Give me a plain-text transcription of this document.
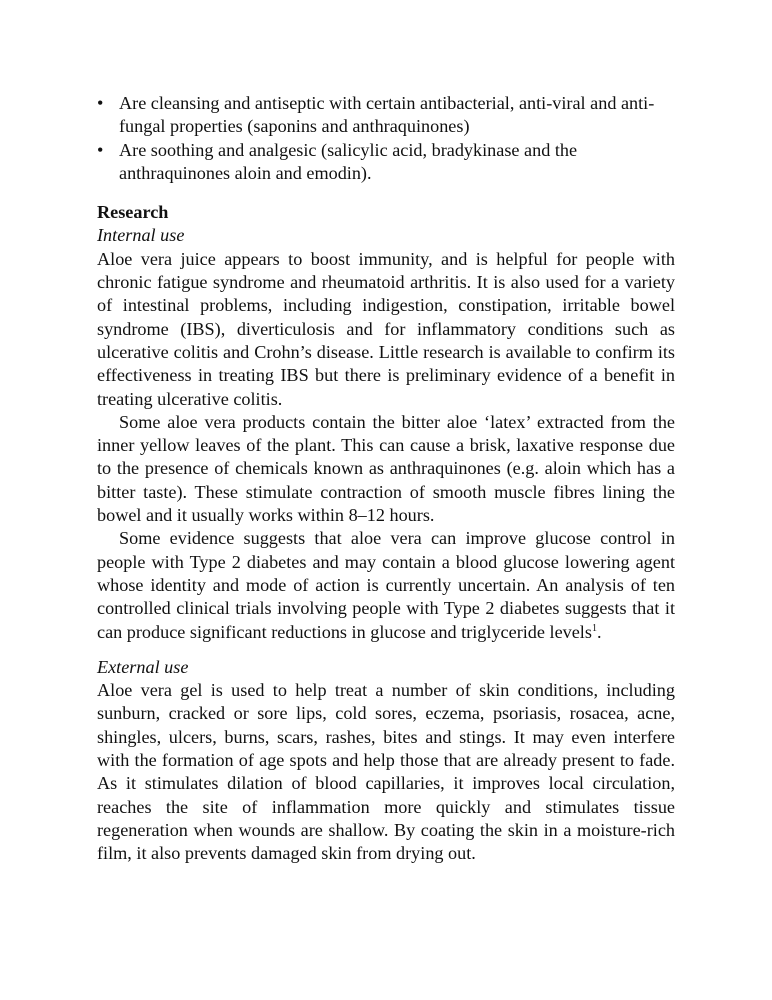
• Are cleansing and antiseptic with certain antibacterial, anti-viral and anti-fungal properties (saponins and anthraquinones)
• Are soothing and analgesic (salicylic acid, bradykinase and the anthraquinones aloin and emodin).
Research
Internal use

Aloe vera juice appears to boost immunity, and is helpful for people with chronic fatigue syndrome and rheumatoid arthritis. It is also used for a variety of intestinal problems, including indigestion, constipation, irritable bowel syndrome (IBS), diverticulosis and for inflammatory conditions such as ulcerative colitis and Crohn’s disease. Little research is available to confirm its effectiveness in treating IBS but there is preliminary evidence of a benefit in treating ulcerative colitis.

Some aloe vera products contain the bitter aloe ‘latex’ extracted from the inner yellow leaves of the plant. This can cause a brisk, laxative response due to the presence of chemicals known as anthraquinones (e.g. aloin which has a bitter taste). These stimulate contraction of smooth muscle fibres lining the bowel and it usually works within 8–12 hours.

Some evidence suggests that aloe vera can improve glucose control in people with Type 2 diabetes and may contain a blood glucose lowering agent whose identity and mode of action is currently uncertain. An analysis of ten controlled clinical trials involving people with Type 2 diabetes suggests that it can produce significant reductions in glucose and triglyceride levels$^1$.

External use

Aloe vera gel is used to help treat a number of skin conditions, including sunburn, cracked or sore lips, cold sores, eczema, psoriasis, rosacea, acne, shingles, ulcers, burns, scars, rashes, bites and stings. It may even interfere with the formation of age spots and help those that are already present to fade. As it stimulates dilation of blood capillaries, it improves local circulation, reaches the site of inflammation more quickly and stimulates tissue regeneration when wounds are shallow. By coating the skin in a moisture-rich film, it also prevents damaged skin from drying out.
